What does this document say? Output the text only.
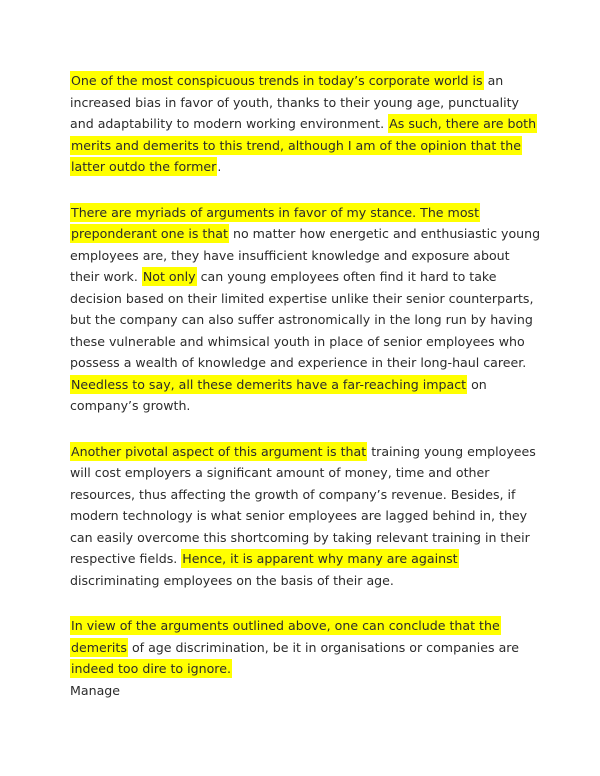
One of the most conspicuous trends in today’s corporate world is an
increased bias in favor of youth, thanks to their young age, punctuality
and adaptability to modern working environment. As such, there are both
merits and demerits to this trend, although I am of the opinion that the
latter outdo the former.
There are myriads of arguments in favor of my stance. The most
preponderant one is that no matter how energetic and enthusiastic young
employees are, they have insufficient knowledge and exposure about
their work. Not only can young employees often find it hard to take
decision based on their limited expertise unlike their senior counterparts,
but the company can also suffer astronomically in the long run by having
these vulnerable and whimsical youth in place of senior employees who
possess a wealth of knowledge and experience in their long-haul career.
Needless to say, all these demerits have a far-reaching impact on
company’s growth.
Another pivotal aspect of this argument is that training young employees
will cost employers a significant amount of money, time and other
resources, thus affecting the growth of company’s revenue. Besides, if
modern technology is what senior employees are lagged behind in, they
can easily overcome this shortcoming by taking relevant training in their
respective fields. Hence, it is apparent why many are against
discriminating employees on the basis of their age.
In view of the arguments outlined above, one can conclude that the
demerits of age discrimination, be it in organisations or companies are
indeed too dire to ignore.
Manage
